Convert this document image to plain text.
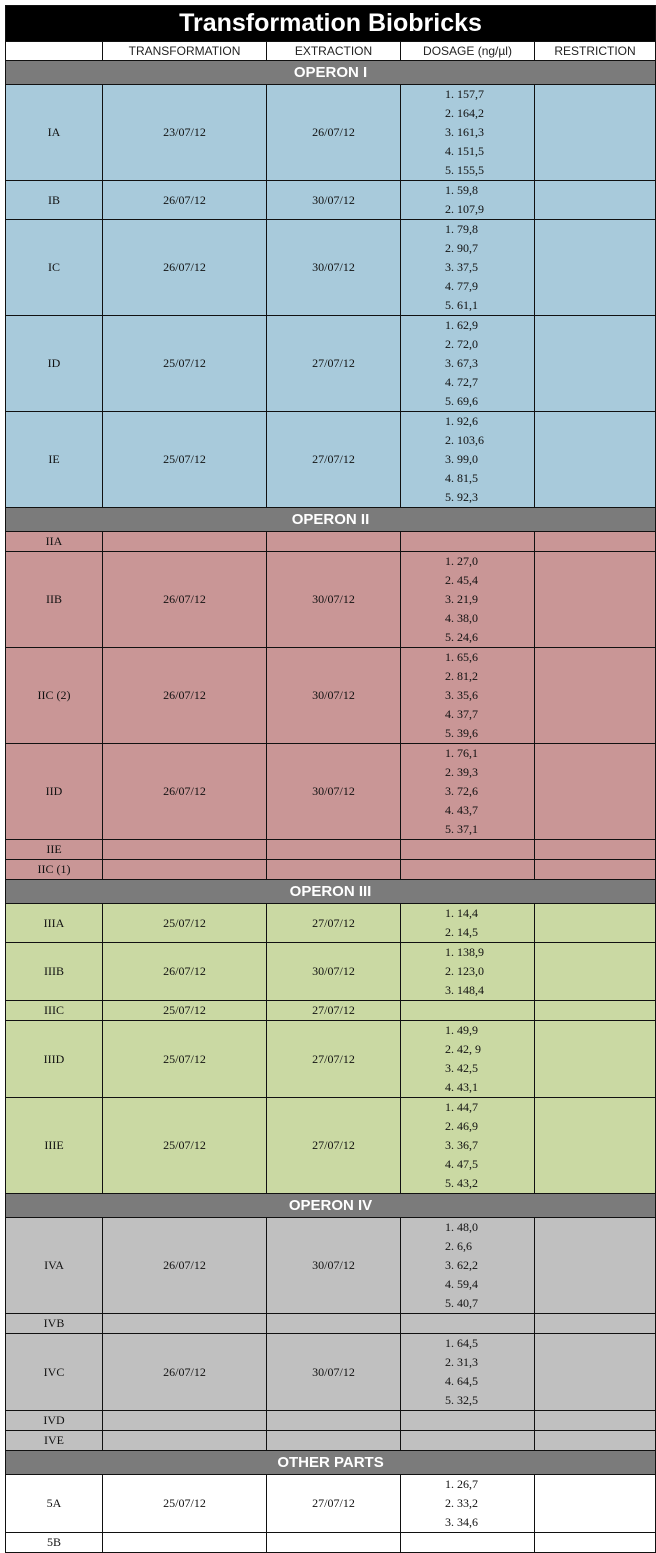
Transformation Biobricks				
	TRANSFORMATION	EXTRACTION	DOSAGE (ng/µl)	RESTRICTION
OPERON I				
IA	23/07/12	26/07/12	1. 157,7
2. 164,2
3. 161,3
4. 151,5
5. 155,5	

IB	26/07/12	30/07/12	1. 59,8
2. 107,9	

IC	26/07/12	30/07/12	1. 79,8
2. 90,7
3. 37,5
4. 77,9
5. 61,1	

ID	25/07/12	27/07/12	1. 62,9
2. 72,0
3. 67,3
4. 72,7
5. 69,6	

IE	25/07/12	27/07/12	1. 92,6
2. 103,6
3. 99,0
4. 81,5
5. 92,3	

OPERON II				
IIA				
IIB	26/07/12	30/07/12	1. 27,0
2. 45,4
3. 21,9
4. 38,0
5. 24,6	

IIC (2)	26/07/12	30/07/12	1. 65,6
2. 81,2
3. 35,6
4. 37,7
5. 39,6	

IID	26/07/12	30/07/12	1. 76,1
2. 39,3
3. 72,6
4. 43,7
5. 37,1	

IIE				
IIC (1)				
OPERON III				
IIIA	25/07/12	27/07/12	1. 14,4
2. 14,5	

IIIB	26/07/12	30/07/12	1. 138,9
2. 123,0
3. 148,4	

IIIC	25/07/12	27/07/12		
IIID	25/07/12	27/07/12	1. 49,9
2. 42, 9
3. 42,5
4. 43,1	

IIIE	25/07/12	27/07/12	1. 44,7
2. 46,9
3. 36,7
4. 47,5
5. 43,2	

OPERON IV				
IVA	26/07/12	30/07/12	1. 48,0
2. 6,6
3. 62,2
4. 59,4
5. 40,7	

IVB				
IVC	26/07/12	30/07/12	1. 64,5
2. 31,3
4. 64,5
5. 32,5	

IVD				
IVE				
OTHER PARTS				
5A	25/07/12	27/07/12	1. 26,7
2. 33,2
3. 34,6	

5B				
